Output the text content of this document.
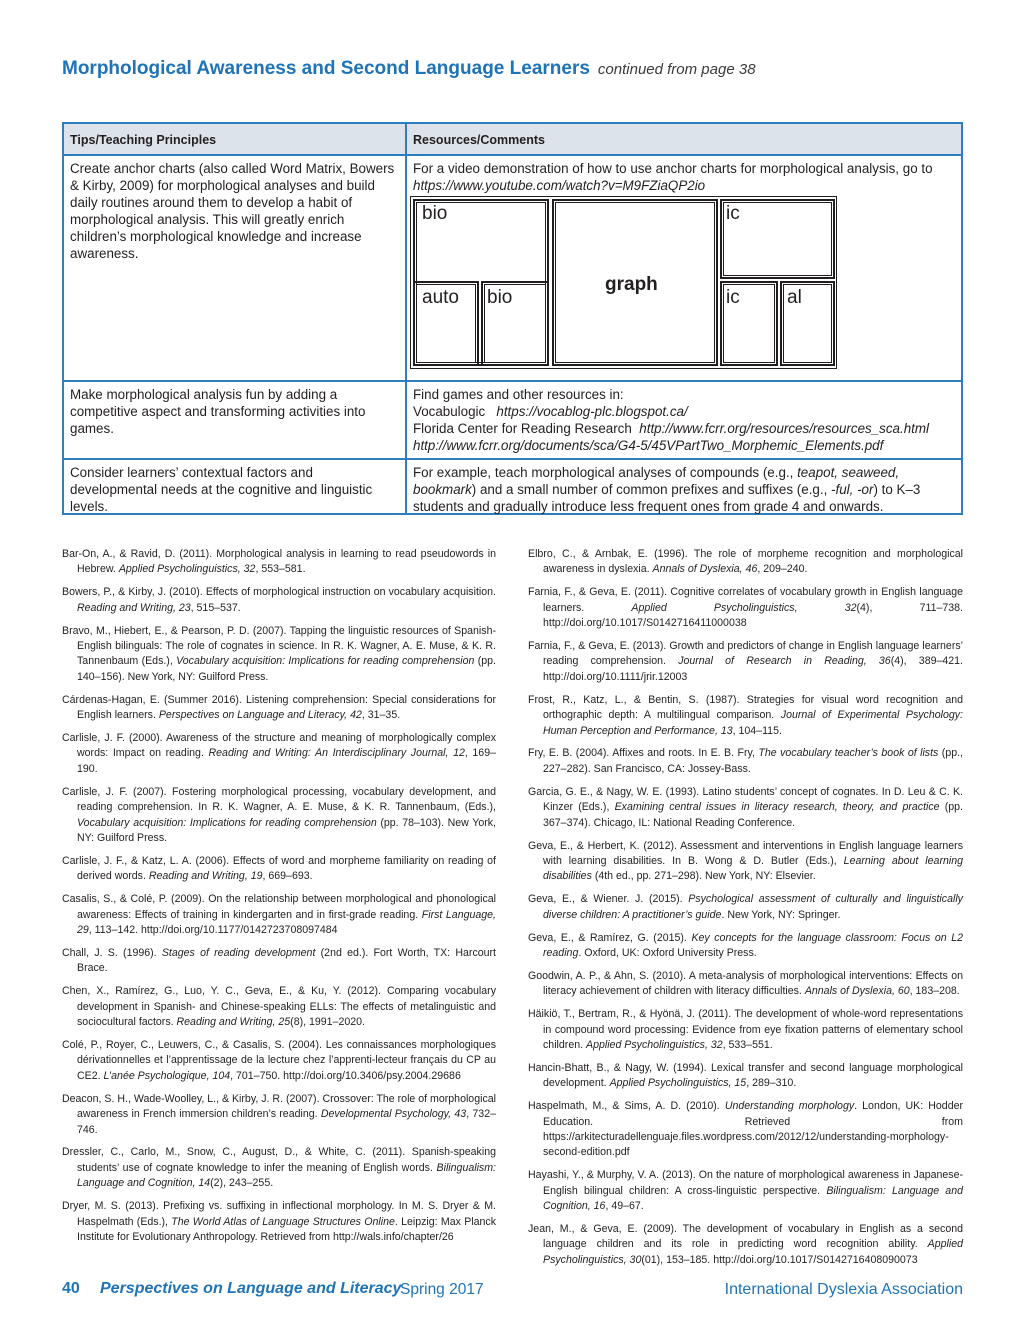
Morphological Awareness and Second Language Learners continued from page 38
Tips/Teaching Principles	Resources/Comments
Create anchor charts (also called Word Matrix, Bowers & Kirby, 2009) for morphological analyses and build daily routines around them to develop a habit of morphological analysis. This will greatly enrich children’s morphological knowledge and increase awareness.
For a video demonstration of how to use anchor charts for morphological analysis, go to https://www.youtube.com/watch?v=M9FZiaQP2io
Make morphological analysis fun by adding a competitive aspect and transforming activities into games.
Find games and other resources in:
Vocabulogic https://vocablog-plc.blogspot.ca/
Florida Center for Reading Research http://www.fcrr.org/resources/resources_sca.html
http://www.fcrr.org/documents/sca/G4-5/45VPartTwo_Morphemic_Elements.pdf
Consider learners’ contextual factors and developmental needs at the cognitive and linguistic levels.
For example, teach morphological analyses of compounds (e.g., teapot, seaweed, bookmark) and a small number of common prefixes and suffixes (e.g., -ful, -or) to K–3 students and gradually introduce less frequent ones from grade 4 and onwards.
bio
auto bio
graph
ic
ic al

Bar-On, A., & Ravid, D. (2011). Morphological analysis in learning to read pseudowords in Hebrew. Applied Psycholinguistics, 32, 553–581.

Bowers, P., & Kirby, J. (2010). Effects of morphological instruction on vocabulary acquisition. Reading and Writing, 23, 515–537.

Bravo, M., Hiebert, E., & Pearson, P. D. (2007). Tapping the linguistic resources of Spanish-English bilinguals: The role of cognates in science. In R. K. Wagner, A. E. Muse, & K. R. Tannenbaum (Eds.), Vocabulary acquisition: Implications for reading comprehension (pp. 140–156). New York, NY: Guilford Press.

Cárdenas-Hagan, E. (Summer 2016). Listening comprehension: Special considerations for English learners. Perspectives on Language and Literacy, 42, 31–35.

Carlisle, J. F. (2000). Awareness of the structure and meaning of morphologically complex words: Impact on reading. Reading and Writing: An Interdisciplinary Journal, 12, 169–190.

Carlisle, J. F. (2007). Fostering morphological processing, vocabulary development, and reading comprehension. In R. K. Wagner, A. E. Muse, & K. R. Tannenbaum, (Eds.), Vocabulary acquisition: Implications for reading comprehension (pp. 78–103). New York, NY: Guilford Press.

Carlisle, J. F., & Katz, L. A. (2006). Effects of word and morpheme familiarity on reading of derived words. Reading and Writing, 19, 669–693.

Casalis, S., & Colé, P. (2009). On the relationship between morphological and phonological awareness: Effects of training in kindergarten and in first-grade reading. First Language, 29, 113–142. http://doi.org/10.1177/0142723708097484

Chall, J. S. (1996). Stages of reading development (2nd ed.). Fort Worth, TX: Harcourt Brace.

Chen, X., Ramírez, G., Luo, Y. C., Geva, E., & Ku, Y. (2012). Comparing vocabulary development in Spanish- and Chinese-speaking ELLs: The effects of metalinguistic and sociocultural factors. Reading and Writing, 25(8), 1991–2020.

Colé, P., Royer, C., Leuwers, C., & Casalis, S. (2004). Les connaissances morphologiques dérivationnelles et l’apprentissage de la lecture chez l’apprenti-lecteur français du CP au CE2. L’anée Psychologique, 104, 701–750. http://doi.org/10.3406/psy.2004.29686

Deacon, S. H., Wade-Woolley, L., & Kirby, J. R. (2007). Crossover: The role of morphological awareness in French immersion children’s reading. Developmental Psychology, 43, 732–746.

Dressler, C., Carlo, M., Snow, C., August, D., & White, C. (2011). Spanish-speaking students’ use of cognate knowledge to infer the meaning of English words. Bilingualism: Language and Cognition, 14(2), 243–255.

Dryer, M. S. (2013). Prefixing vs. suffixing in inflectional morphology. In M. S. Dryer & M. Haspelmath (Eds.), The World Atlas of Language Structures Online. Leipzig: Max Planck Institute for Evolutionary Anthropology. Retrieved from http://wals.info/chapter/26

Elbro, C., & Arnbak, E. (1996). The role of morpheme recognition and morphological awareness in dyslexia. Annals of Dyslexia, 46, 209–240.

Farnia, F., & Geva, E. (2011). Cognitive correlates of vocabulary growth in English language learners. Applied Psycholinguistics, 32(4), 711–738. http://doi.org/10.1017/S0142716411000038

Farnia, F., & Geva, E. (2013). Growth and predictors of change in English language learners’ reading comprehension. Journal of Research in Reading, 36(4), 389–421. http://doi.org/10.1111/jrir.12003

Frost, R., Katz, L., & Bentin, S. (1987). Strategies for visual word recognition and orthographic depth: A multilingual comparison. Journal of Experimental Psychology: Human Perception and Performance, 13, 104–115.

Fry, E. B. (2004). Affixes and roots. In E. B. Fry, The vocabulary teacher’s book of lists (pp., 227–282). San Francisco, CA: Jossey-Bass.

Garcia, G. E., & Nagy, W. E. (1993). Latino students’ concept of cognates. In D. Leu & C. K. Kinzer (Eds.), Examining central issues in literacy research, theory, and practice (pp. 367–374). Chicago, IL: National Reading Conference.

Geva, E., & Herbert, K. (2012). Assessment and interventions in English language learners with learning disabilities. In B. Wong & D. Butler (Eds.), Learning about learning disabilities (4th ed., pp. 271–298). New York, NY: Elsevier.

Geva, E., & Wiener. J. (2015). Psychological assessment of culturally and linguistically diverse children: A practitioner’s guide. New York, NY: Springer.

Geva, E., & Ramírez, G. (2015). Key concepts for the language classroom: Focus on L2 reading. Oxford, UK: Oxford University Press.

Goodwin, A. P., & Ahn, S. (2010). A meta-analysis of morphological interventions: Effects on literacy achievement of children with literacy difficulties. Annals of Dyslexia, 60, 183–208.

Häikiö, T., Bertram, R., & Hyönä, J. (2011). The development of whole-word representations in compound word processing: Evidence from eye fixation patterns of elementary school children. Applied Psycholinguistics, 32, 533–551.

Hancin-Bhatt, B., & Nagy, W. (1994). Lexical transfer and second language morphological development. Applied Psycholinguistics, 15, 289–310.

Haspelmath, M., & Sims, A. D. (2010). Understanding morphology. London, UK: Hodder Education. Retrieved from https://arkitecturadellenguaje.files.wordpress.com/2012/12/understanding-morphology-second-edition.pdf

Hayashi, Y., & Murphy, V. A. (2013). On the nature of morphological awareness in Japanese-English bilingual children: A cross-linguistic perspective. Bilingualism: Language and Cognition, 16, 49–67.

Jean, M., & Geva, E. (2009). The development of vocabulary in English as a second language children and its role in predicting word recognition ability. Applied Psycholinguistics, 30(01), 153–185. http://doi.org/10.1017/S0142716408090073

40 Perspectives on Language and Literacy
Spring 2017	International Dyslexia Association
